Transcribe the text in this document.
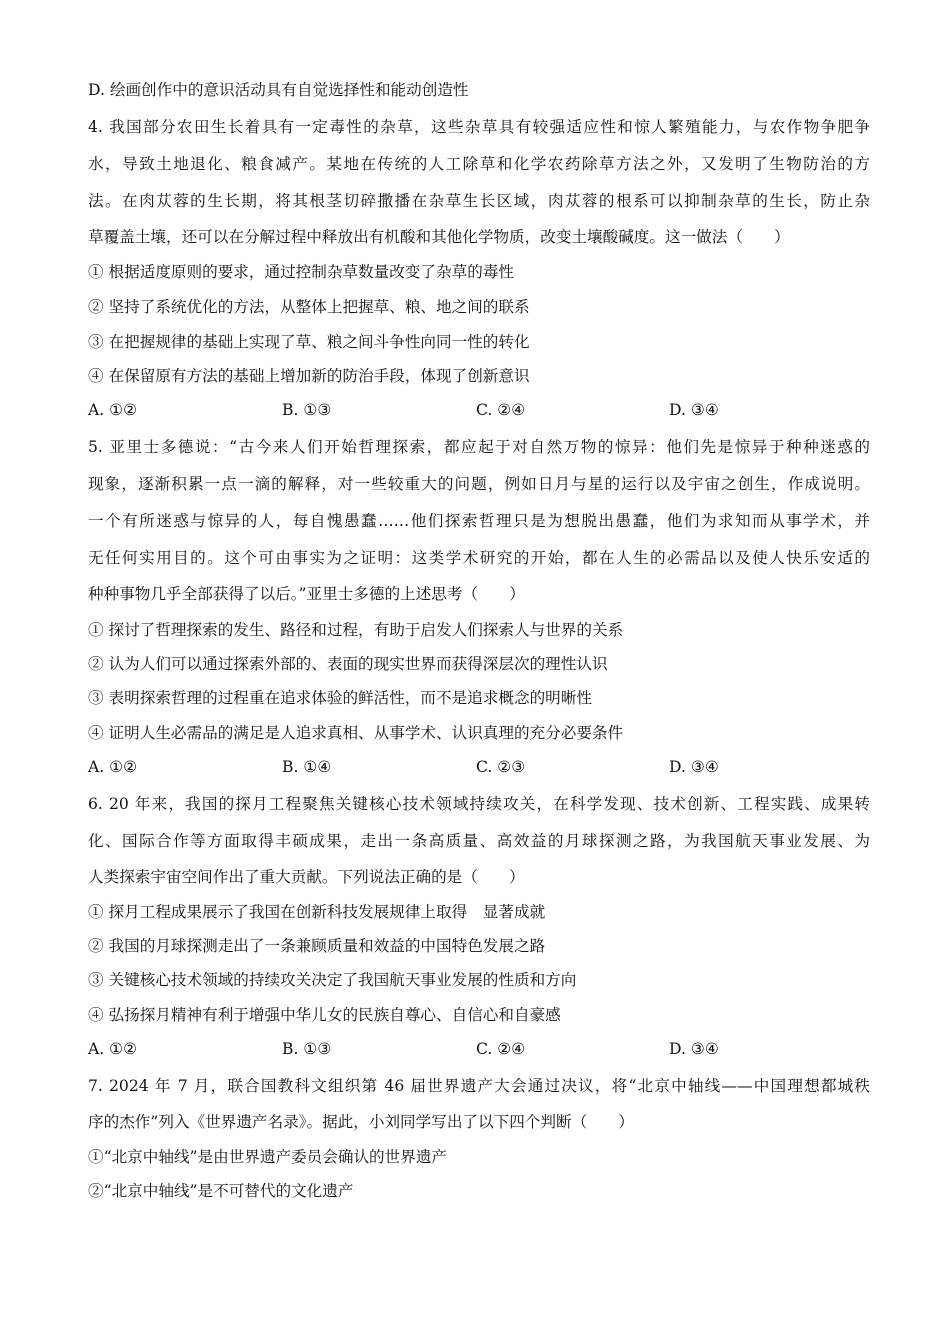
D. 绘画创作中的意识活动具有自觉选择性和能动创造性
4. 我国部分农田生长着具有一定毒性的杂草，这些杂草具有较强适应性和惊人繁殖能力，与农作物争肥争
水，导致土地退化、粮食减产。某地在传统的人工除草和化学农药除草方法之外，又发明了生物防治的方
法。在肉苁蓉的生长期，将其根茎切碎撒播在杂草生长区域，肉苁蓉的根系可以抑制杂草的生长，防止杂
草覆盖土壤，还可以在分解过程中释放出有机酸和其他化学物质，改变土壤酸碱度。这一做法（　　）
① 根据适度原则的要求，通过控制杂草数量改变了杂草的毒性
② 坚持了系统优化的方法，从整体上把握草、粮、地之间的联系
③ 在把握规律的基础上实现了草、粮之间斗争性向同一性的转化
④ 在保留原有方法的基础上增加新的防治手段，体现了创新意识
A. ①②	B. ①③	C. ②④	D. ③④
5. 亚里士多德说：“古今来人们开始哲理探索，都应起于对自然万物的惊异：他们先是惊异于种种迷惑的
现象，逐渐积累一点一滴的解释，对一些较重大的问题，例如日月与星的运行以及宇宙之创生，作成说明。
一个有所迷惑与惊异的人，每自愧愚蠢……他们探索哲理只是为想脱出愚蠢，他们为求知而从事学术，并
无任何实用目的。这个可由事实为之证明：这类学术研究的开始，都在人生的必需品以及使人快乐安适的
种种事物几乎全部获得了以后。”亚里士多德的上述思考（　　）
① 探讨了哲理探索的发生、路径和过程，有助于启发人们探索人与世界的关系
② 认为人们可以通过探索外部的、表面的现实世界而获得深层次的理性认识
③ 表明探索哲理的过程重在追求体验的鲜活性，而不是追求概念的明晰性
④ 证明人生必需品的满足是人追求真相、从事学术、认识真理的充分必要条件
A. ①②	B. ①④	C. ②③	D. ③④
6. 20 年来，我国的探月工程聚焦关键核心技术领域持续攻关，在科学发现、技术创新、工程实践、成果转
化、国际合作等方面取得丰硕成果，走出一条高质量、高效益的月球探测之路，为我国航天事业发展、为
人类探索宇宙空间作出了重大贡献。下列说法正确的是（　　）
① 探月工程成果展示了我国在创新科技发展规律上取得　显著成就
② 我国的月球探测走出了一条兼顾质量和效益的中国特色发展之路
③ 关键核心技术领域的持续攻关决定了我国航天事业发展的性质和方向
④ 弘扬探月精神有利于增强中华儿女的民族自尊心、自信心和自豪感
A. ①②	B. ①③	C. ②④	D. ③④
7. 2024 年 7 月，联合国教科文组织第 46 届世界遗产大会通过决议，将“北京中轴线——中国理想都城秩
序的杰作”列入《世界遗产名录》。据此，小刘同学写出了以下四个判断（　　）
①“北京中轴线”是由世界遗产委员会确认的世界遗产
②“北京中轴线”是不可替代的文化遗产
